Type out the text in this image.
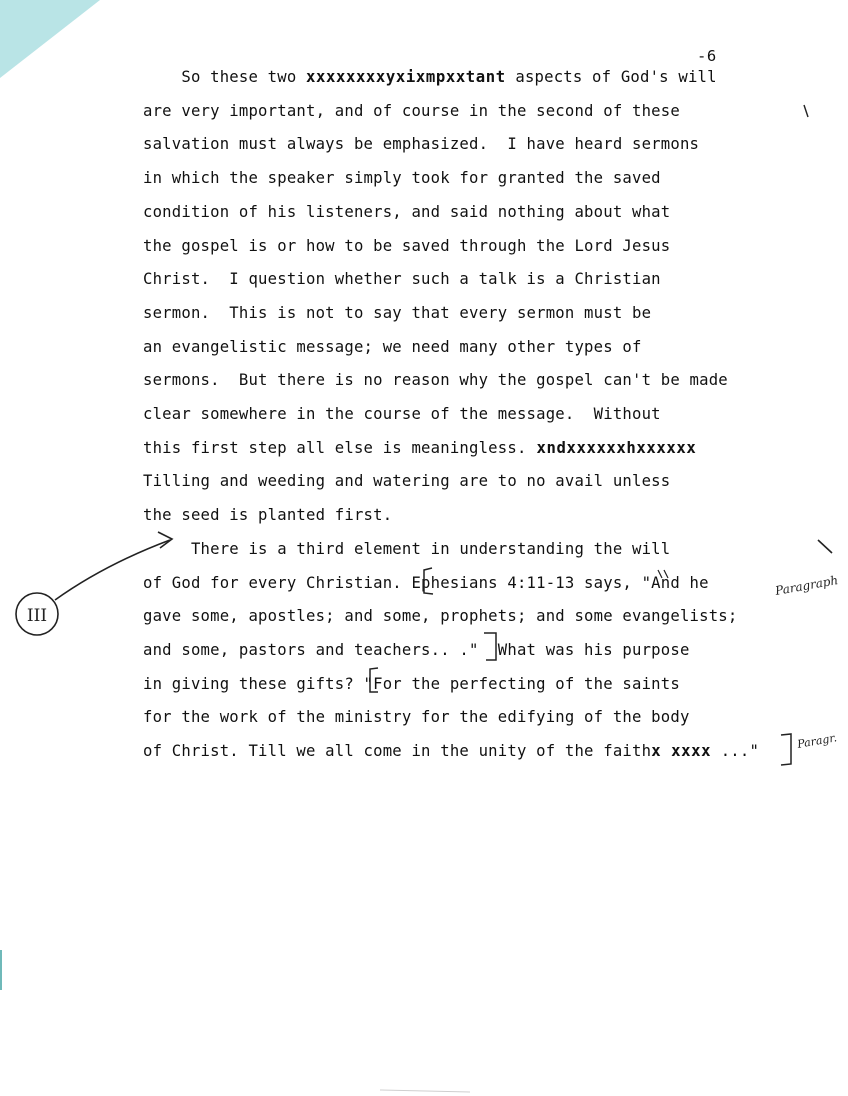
-6
So these two xxxxxxxxyxixmpxxtant aspects of God's will
are very important, and of course in the second of these
salvation must always be emphasized.  I have heard sermons
in which the speaker simply took for granted the saved
condition of his listeners, and said nothing about what
the gospel is or how to be saved through the Lord Jesus
Christ.  I question whether such a talk is a Christian
sermon.  This is not to say that every sermon must be
an evangelistic message; we need many other types of
sermons.  But there is no reason why the gospel can't be made
clear somewhere in the course of the message.  Without
this first step all else is meaningless. xndxxxxxxhxxxxxx
Tilling and weeding and watering are to no avail unless
the seed is planted first.
There is a third element in understanding the will
of God for every Christian. Ephesians 4:11-13 says, "And he
gave some, apostles; and some, prophets; and some evangelists;
and some, pastors and teachers.. ."  What was his purpose
in giving these gifts? "For the perfecting of the saints
for the work of the ministry for the edifying of the body
of Christ. Till we all come in the unity of the faithx xxxx ..."
III
Paragraph
Paragr.
